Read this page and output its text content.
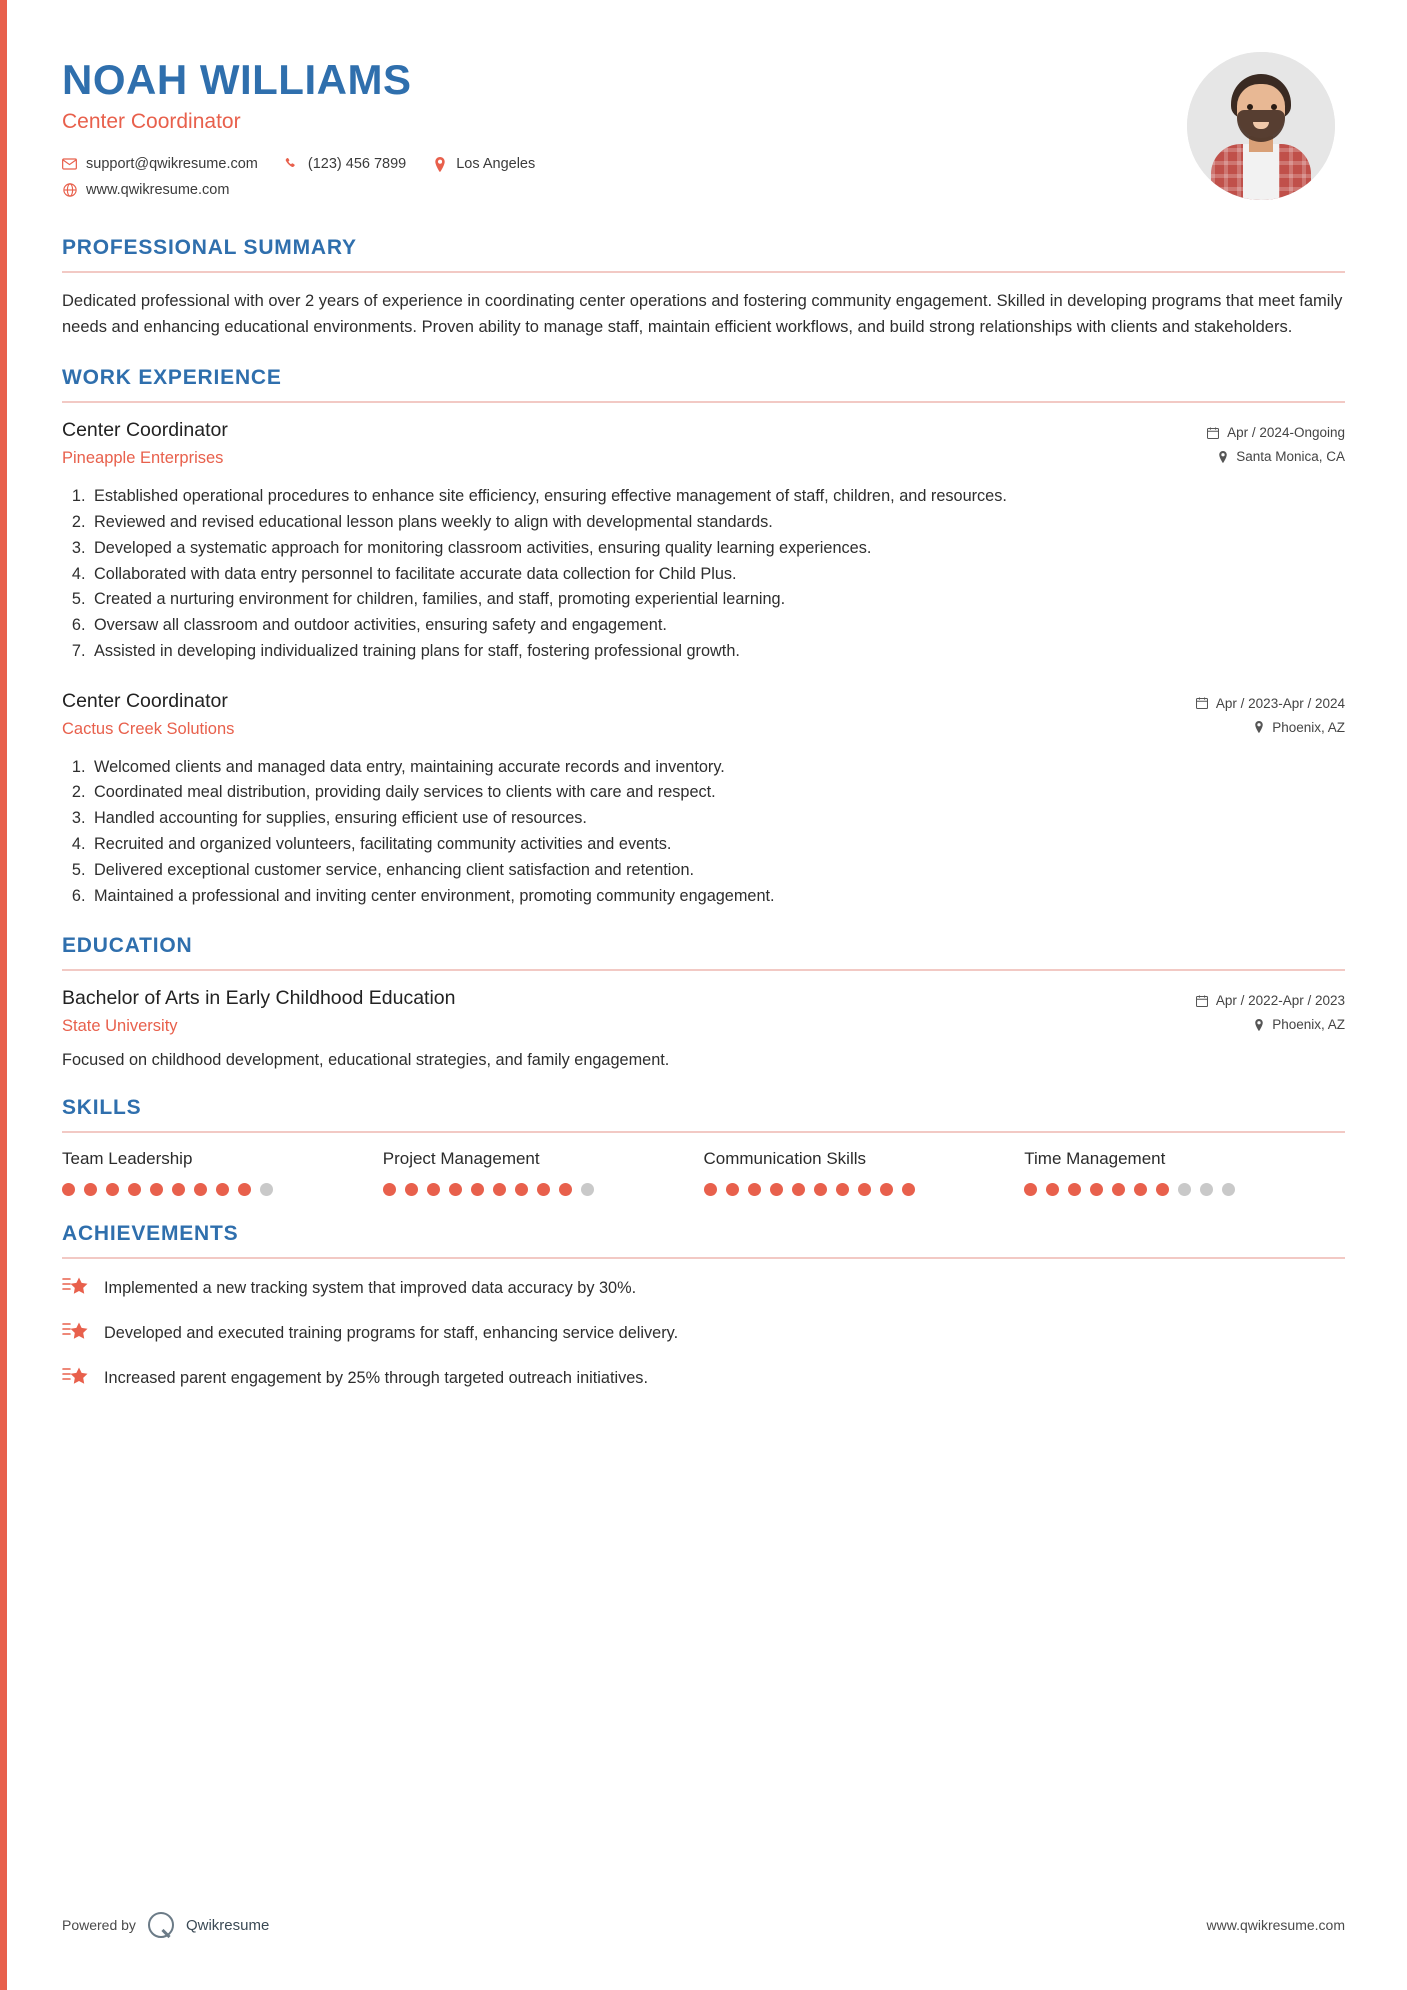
NOAH WILLIAMS
Center Coordinator
support@qwikresume.com	(123) 456 7899	Los Angeles
www.qwikresume.com
PROFESSIONAL SUMMARY
Dedicated professional with over 2 years of experience in coordinating center operations and fostering community engagement. Skilled in developing programs that meet family needs and enhancing educational environments. Proven ability to manage staff, maintain efficient workflows, and build strong relationships with clients and stakeholders.
WORK EXPERIENCE
Center Coordinator
Pineapple Enterprises
Apr / 2024-Ongoing
Santa Monica, CA
1. Established operational procedures to enhance site efficiency, ensuring effective management of staff, children, and resources.
2. Reviewed and revised educational lesson plans weekly to align with developmental standards.
3. Developed a systematic approach for monitoring classroom activities, ensuring quality learning experiences.
4. Collaborated with data entry personnel to facilitate accurate data collection for Child Plus.
5. Created a nurturing environment for children, families, and staff, promoting experiential learning.
6. Oversaw all classroom and outdoor activities, ensuring safety and engagement.
7. Assisted in developing individualized training plans for staff, fostering professional growth.
Center Coordinator
Cactus Creek Solutions
Apr / 2023-Apr / 2024
Phoenix, AZ
1. Welcomed clients and managed data entry, maintaining accurate records and inventory.
2. Coordinated meal distribution, providing daily services to clients with care and respect.
3. Handled accounting for supplies, ensuring efficient use of resources.
4. Recruited and organized volunteers, facilitating community activities and events.
5. Delivered exceptional customer service, enhancing client satisfaction and retention.
6. Maintained a professional and inviting center environment, promoting community engagement.
EDUCATION
Bachelor of Arts in Early Childhood Education
State University
Apr / 2022-Apr / 2023
Phoenix, AZ
Focused on childhood development, educational strategies, and family engagement.
SKILLS
Team Leadership	Project Management	Communication Skills	Time Management
ACHIEVEMENTS
Implemented a new tracking system that improved data accuracy by 30%.
Developed and executed training programs for staff, enhancing service delivery.
Increased parent engagement by 25% through targeted outreach initiatives.
Powered by	Qwikresume	www.qwikresume.com
